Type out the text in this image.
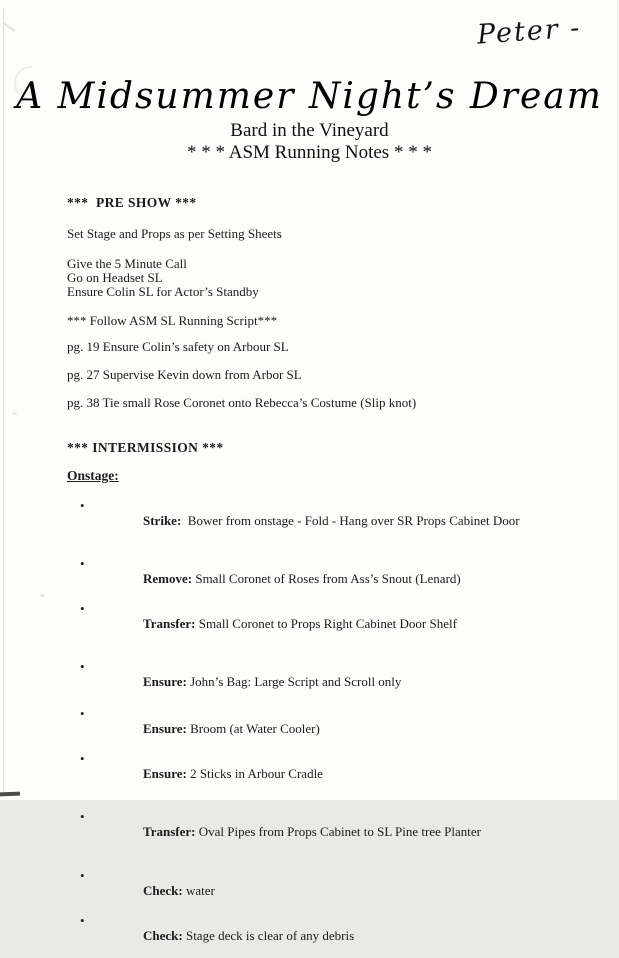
Peter -
A Midsummer Night’s Dream
Bard in the Vineyard
* * * ASM Running Notes * * *
***  PRE SHOW ***
Set Stage and Props as per Setting Sheets
Give the 5 Minute Call
Go on Headset SL
Ensure Colin SL for Actor’s Standby
*** Follow ASM SL Running Script***
pg. 19 Ensure Colin’s safety on Arbour SL
pg. 27 Supervise Kevin down from Arbor SL
pg. 38 Tie small Rose Coronet onto Rebecca’s Costume (Slip knot)
*** INTERMISSION ***
Onstage:

•
Strike:  Bower from onstage - Fold - Hang over SR Props Cabinet Door

•
Remove: Small Coronet of Roses from Ass’s Snout (Lenard)

•
Transfer: Small Coronet to Props Right Cabinet Door Shelf

•
Ensure: John’s Bag: Large Script and Scroll only

•
Ensure: Broom (at Water Cooler)

•
Ensure: 2 Sticks in Arbour Cradle

•
Transfer: Oval Pipes from Props Cabinet to SL Pine tree Planter

•
Check: water

•
Check: Stage deck is clear of any debris
